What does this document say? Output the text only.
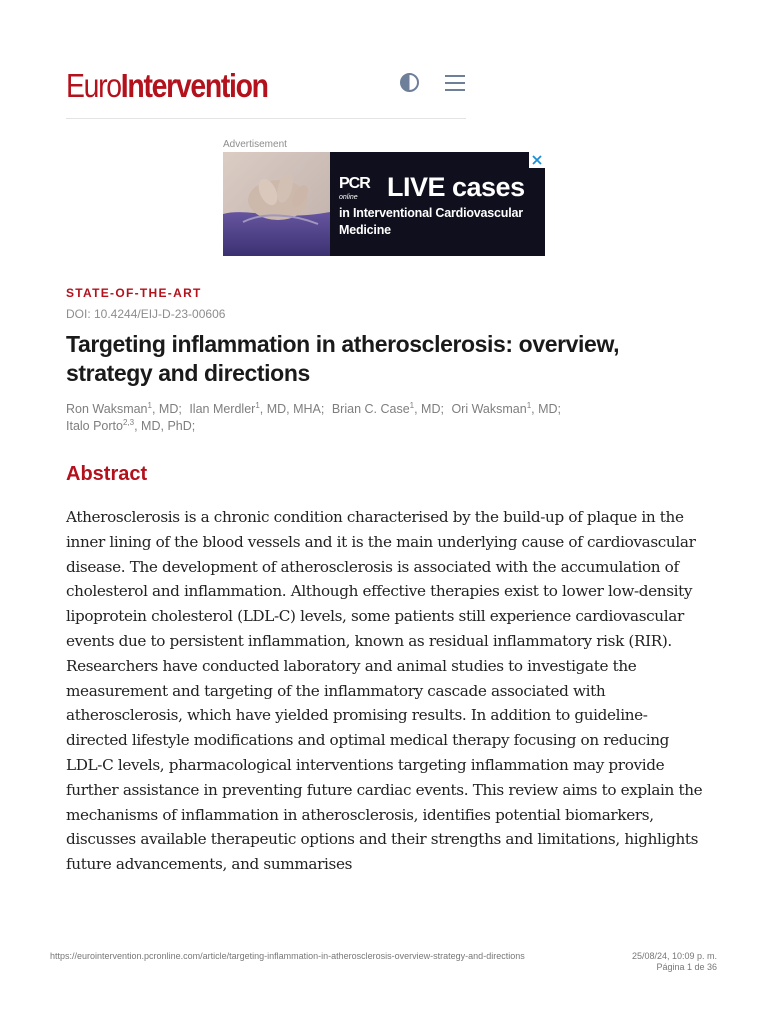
EuroIntervention
Advertisement
PCR
online LIVE cases
in Interventional Cardiovascular Medicine
STATE-OF-THE-ART
DOI: 10.4244/EIJ-D-23-00606
Targeting inflammation in atherosclerosis: overview, strategy and directions
Ron Waksman$^1$, MD; Ilan Merdler$^1$, MD, MHA; Brian C. Case$^1$, MD; Ori Waksman$^1$, MD; Italo Porto$^{2,3}$, MD, PhD;
Abstract

Atherosclerosis is a chronic condition characterised by the build-up of plaque in the inner lining of the blood vessels and it is the main underlying cause of cardiovascular disease. The development of atherosclerosis is associated with the accumulation of cholesterol and inflammation. Although effective therapies exist to lower low-density lipoprotein cholesterol (LDL-C) levels, some patients still experience cardiovascular events due to persistent inflammation, known as residual inflammatory risk (RIR). Researchers have conducted laboratory and animal studies to investigate the measurement and targeting of the inflammatory cascade associated with atherosclerosis, which have yielded promising results. In addition to guideline-directed lifestyle modifications and optimal medical therapy focusing on reducing LDL-C levels, pharmacological interventions targeting inflammation may provide further assistance in preventing future cardiac events. This review aims to explain the mechanisms of inflammation in atherosclerosis, identifies potential biomarkers, discusses available therapeutic options and their strengths and limitations, highlights future advancements, and summarises

https://eurointervention.pcronline.com/article/targeting-inflammation-in-atherosclerosis-overview-strategy-and-directions	25/08/24, 10:09 p. m.
Página 1 de 36
